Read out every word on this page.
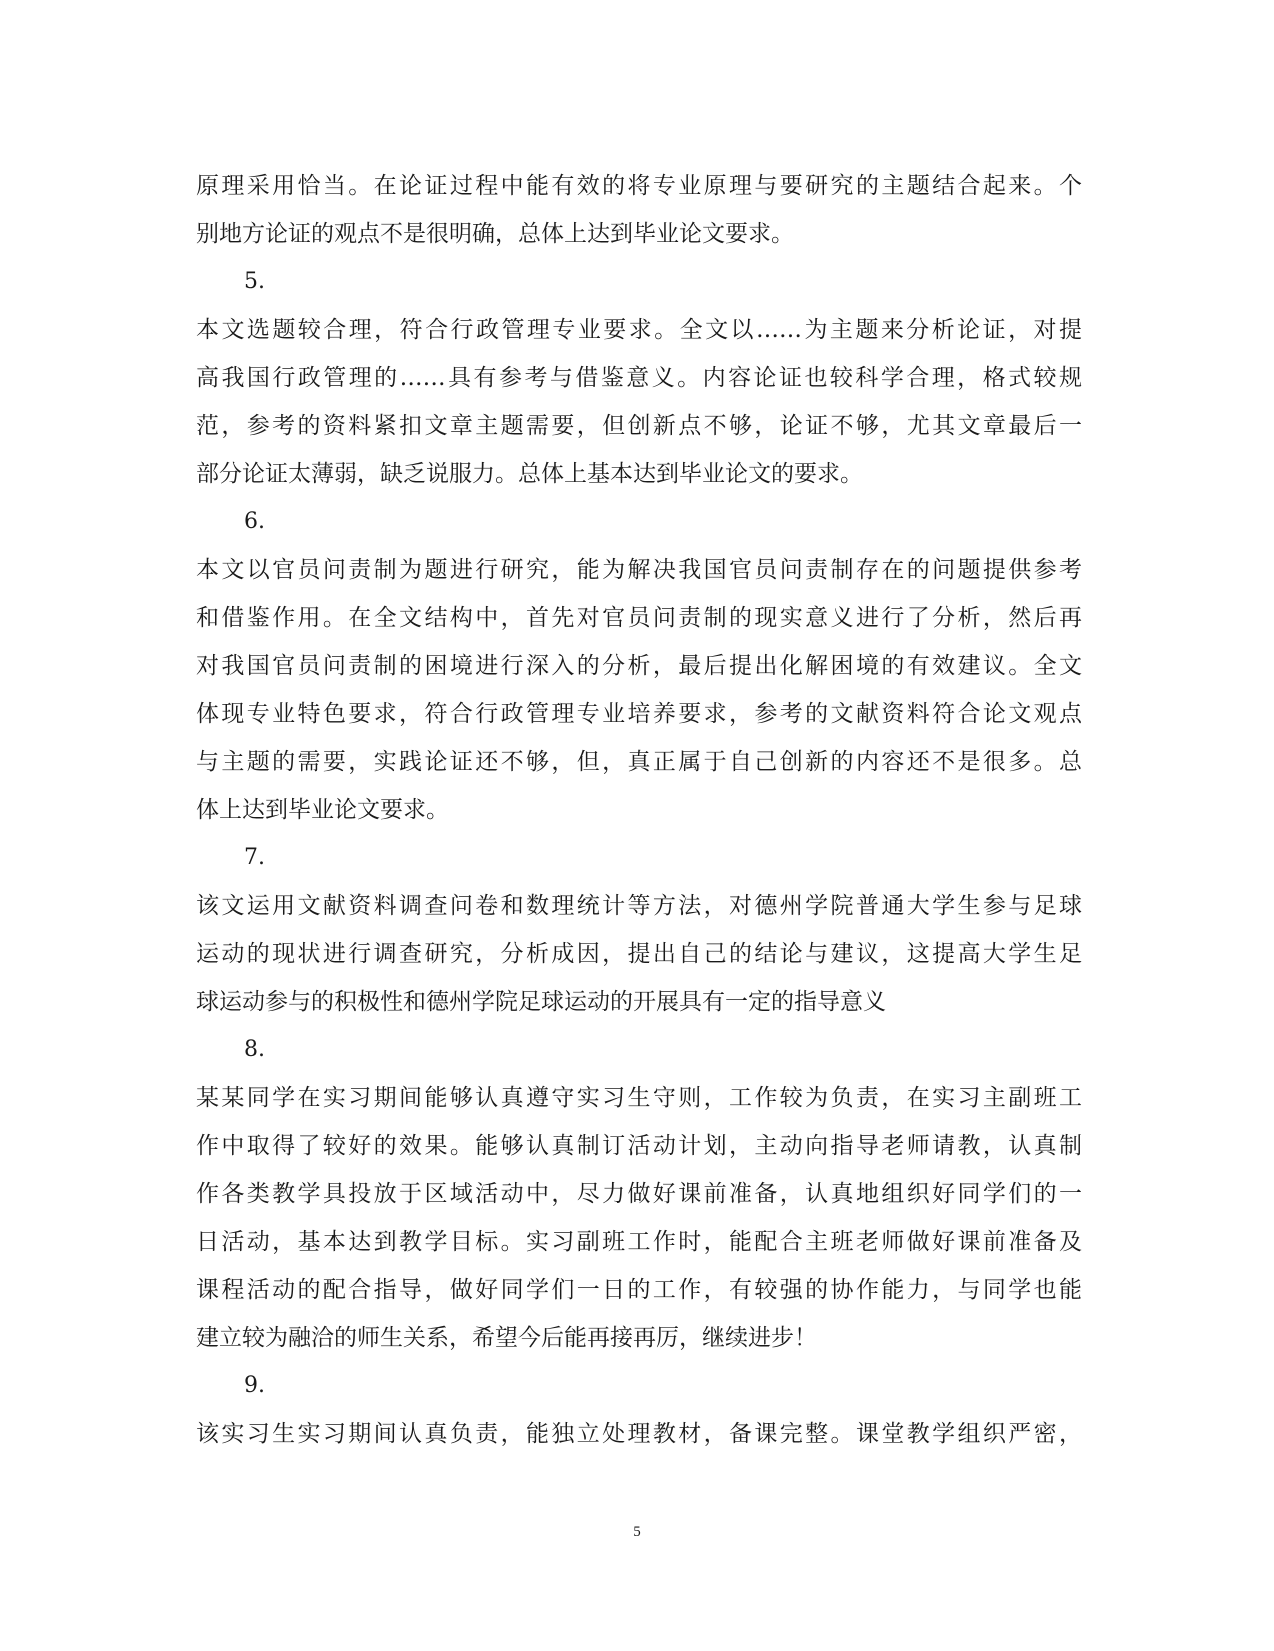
原理采用恰当。在论证过程中能有效的将专业原理与要研究的主题结合起来。个
别地方论证的观点不是很明确，总体上达到毕业论文要求。
5.
本文选题较合理，符合行政管理专业要求。全文以……为主题来分析论证，对提
高我国行政管理的……具有参考与借鉴意义。内容论证也较科学合理，格式较规
范，参考的资料紧扣文章主题需要，但创新点不够，论证不够，尤其文章最后一
部分论证太薄弱，缺乏说服力。总体上基本达到毕业论文的要求。
6.
本文以官员问责制为题进行研究，能为解决我国官员问责制存在的问题提供参考
和借鉴作用。在全文结构中，首先对官员问责制的现实意义进行了分析，然后再
对我国官员问责制的困境进行深入的分析，最后提出化解困境的有效建议。全文
体现专业特色要求，符合行政管理专业培养要求，参考的文献资料符合论文观点
与主题的需要，实践论证还不够，但，真正属于自己创新的内容还不是很多。总
体上达到毕业论文要求。
7.
该文运用文献资料调查问卷和数理统计等方法，对德州学院普通大学生参与足球
运动的现状进行调查研究，分析成因，提出自己的结论与建议，这提高大学生足
球运动参与的积极性和德州学院足球运动的开展具有一定的指导意义
8.
某某同学在实习期间能够认真遵守实习生守则，工作较为负责，在实习主副班工
作中取得了较好的效果。能够认真制订活动计划，主动向指导老师请教，认真制
作各类教学具投放于区域活动中，尽力做好课前准备，认真地组织好同学们的一
日活动，基本达到教学目标。实习副班工作时，能配合主班老师做好课前准备及
课程活动的配合指导，做好同学们一日的工作，有较强的协作能力，与同学也能
建立较为融洽的师生关系，希望今后能再接再厉，继续进步！
9.
该实习生实习期间认真负责，能独立处理教材，备课完整。课堂教学组织严密，
5
